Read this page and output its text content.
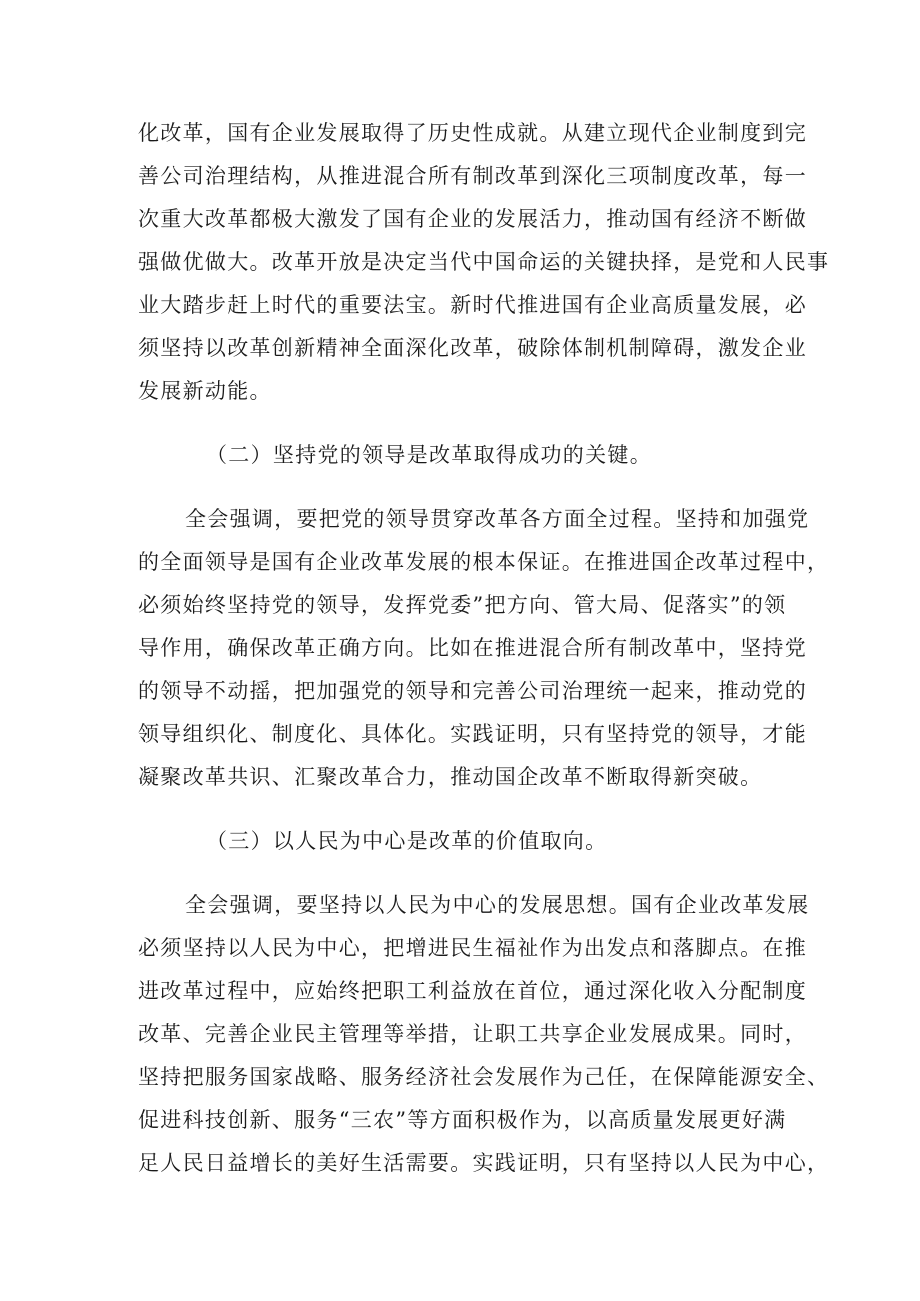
化改革，国有企业发展取得了历史性成就。从建立现代企业制度到完
善公司治理结构，从推进混合所有制改革到深化三项制度改革，每一
次重大改革都极大激发了国有企业的发展活力，推动国有经济不断做
强做优做大。改革开放是决定当代中国命运的关键抉择，是党和人民事
业大踏步赶上时代的重要法宝。新时代推进国有企业高质量发展，必
须坚持以改革创新精神全面深化改革，破除体制机制障碍，激发企业
发展新动能。

（二）坚持党的领导是改革取得成功的关键。

全会强调，要把党的领导贯穿改革各方面全过程。坚持和加强党
的全面领导是国有企业改革发展的根本保证。在推进国企改革过程中，
必须始终坚持党的领导，发挥党委”把方向、管大局、促落实”的领
导作用，确保改革正确方向。比如在推进混合所有制改革中，坚持党
的领导不动摇，把加强党的领导和完善公司治理统一起来，推动党的
领导组织化、制度化、具体化。实践证明，只有坚持党的领导，才能
凝聚改革共识、汇聚改革合力，推动国企改革不断取得新突破。

（三）以人民为中心是改革的价值取向。

全会强调，要坚持以人民为中心的发展思想。国有企业改革发展
必须坚持以人民为中心，把增进民生福祉作为出发点和落脚点。在推
进改革过程中，应始终把职工利益放在首位，通过深化收入分配制度
改革、完善企业民主管理等举措，让职工共享企业发展成果。同时，
坚持把服务国家战略、服务经济社会发展作为己任，在保障能源安全、
促进科技创新、服务“三农”等方面积极作为，以高质量发展更好满
足人民日益增长的美好生活需要。实践证明，只有坚持以人民为中心，
